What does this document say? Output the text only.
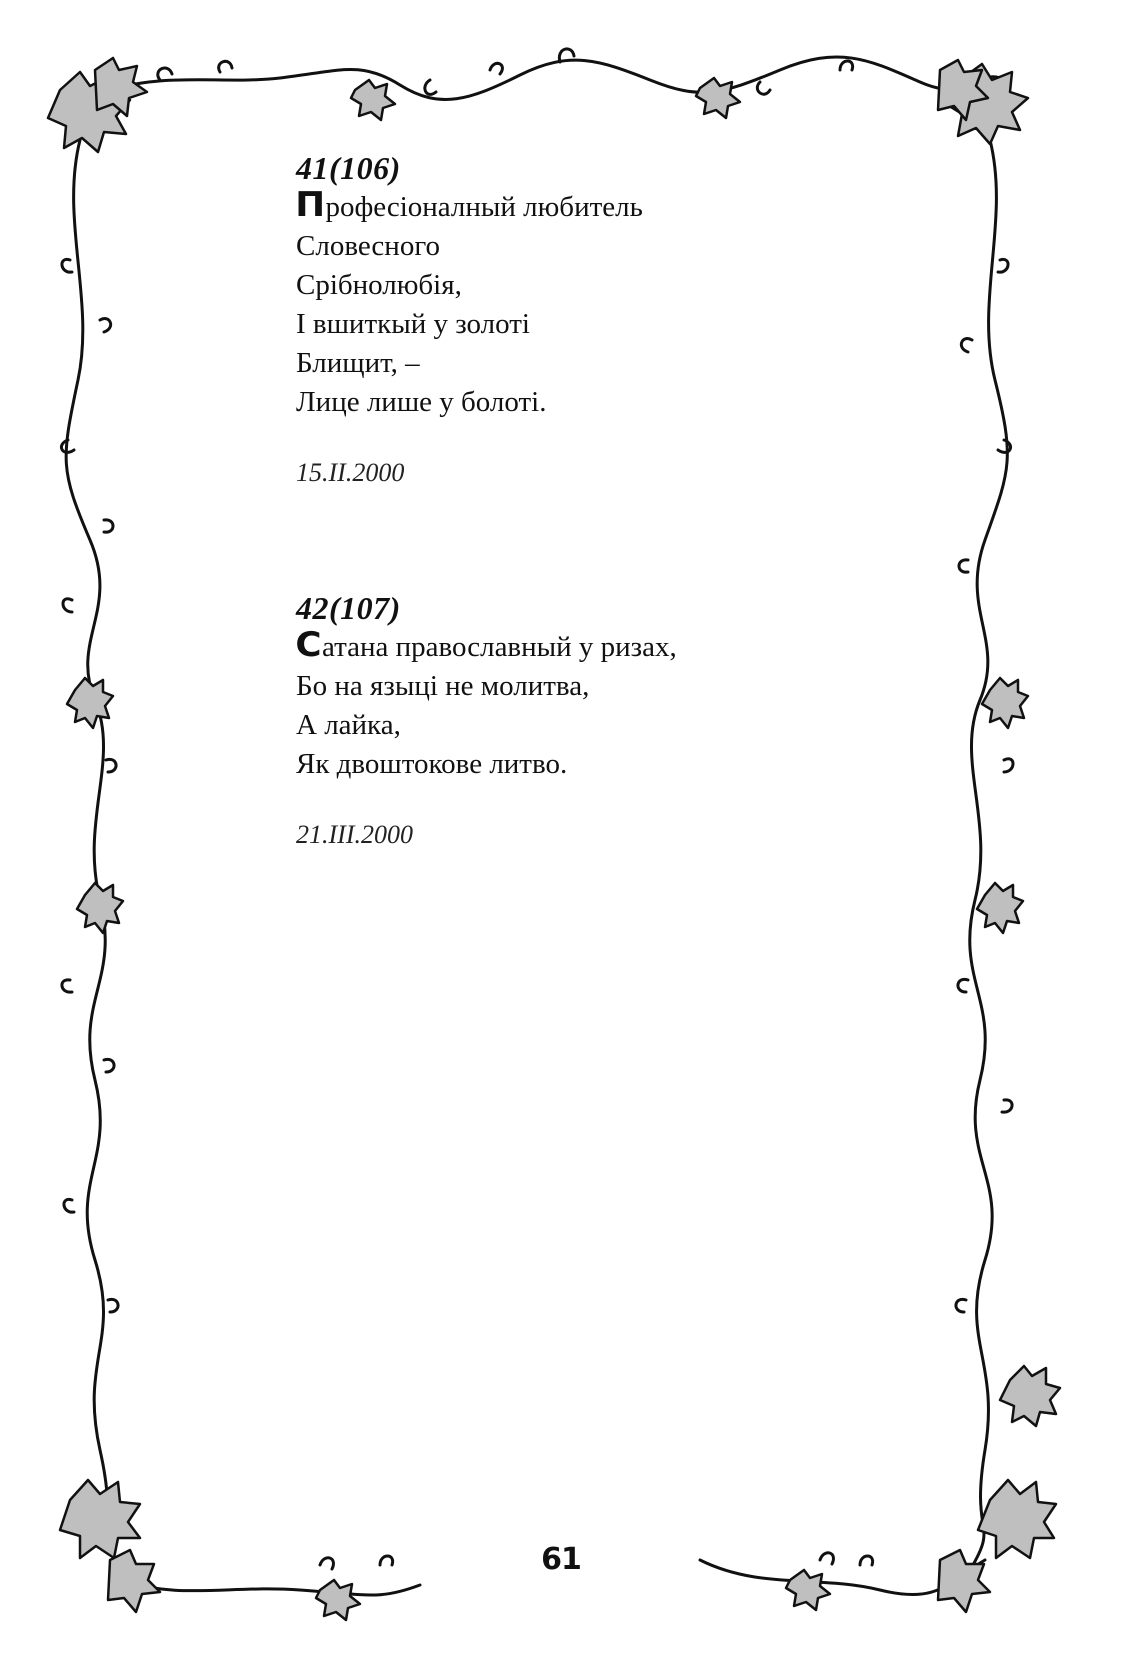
41(106)
Професіоналный любитель
Словесного
Срібнолюбія,
І вшиткый у золоті
Блищит, –
Лице лише у болоті.
15.ІІ.2000
42(107)
Сатана православный у ризах,
Бо на языці не молитва,
А лайка,
Як двоштокове литво.
21.ІІІ.2000
61
